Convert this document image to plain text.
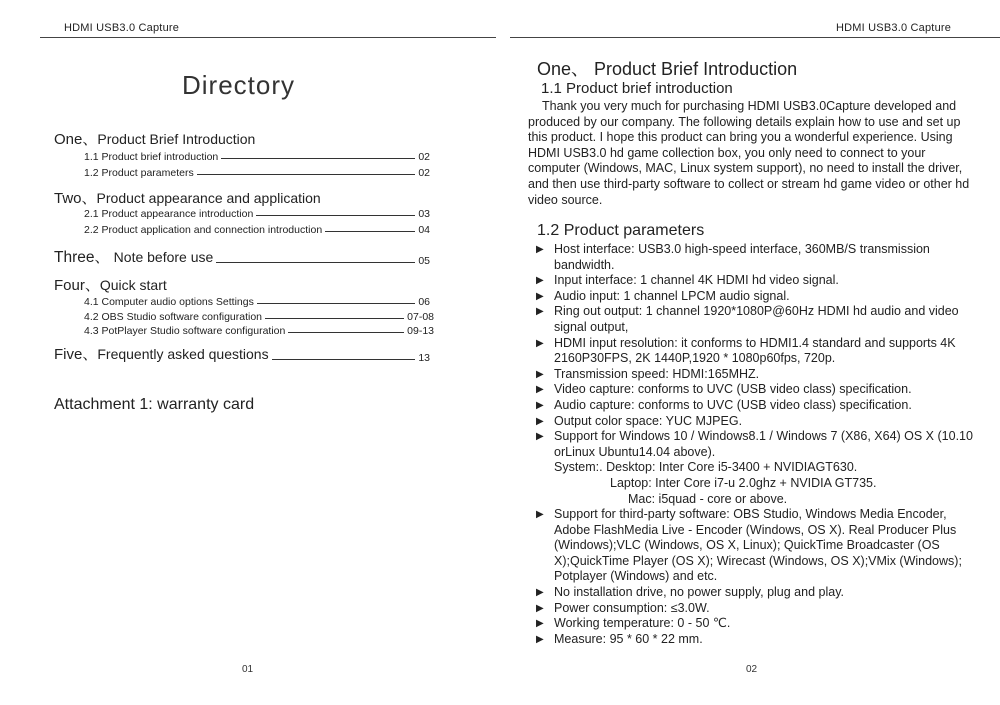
HDMI USB3.0 Capture	HDMI USB3.0 Capture
Directory
One、Product Brief Introduction
1.1 Product brief introduction	02
1.2 Product parameters	02
Two、Product appearance and application
2.1 Product appearance introduction	03
2.2 Product application and connection introduction	04
Three、 Note before use	05
Four、Quick start
4.1 Computer audio options Settings	06
4.2 OBS Studio software configuration	07-08
4.3 PotPlayer Studio software configuration	09-13
Five、Frequently asked questions	13
Attachment 1: warranty card
01
One、 Product Brief Introduction
1.1 Product brief introduction

Thank you very much for purchasing HDMI USB3.0Capture developed and produced by our company. The following details explain how to use and set up this product. I hope this product can bring you a wonderful experience. Using HDMI USB3.0 hd game collection box, you only need to connect to your computer (Windows, MAC, Linux system support), no need to install the driver, and then use third-party software to collect or stream hd game video or other hd video source.

1.2 Product parameters
▶ Host interface: USB3.0 high-speed interface, 360MB/S transmission bandwidth.
▶ Input interface: 1 channel 4K HDMI hd video signal.
▶ Audio input: 1 channel LPCM audio signal.
▶ Ring out output: 1 channel 1920*1080P@60Hz HDMI hd audio and video signal output,
▶ HDMI input resolution: it conforms to HDMI1.4 standard and supports 4K 2160P30FPS, 2K 1440P,1920 * 1080p60fps, 720p.
▶ Transmission speed: HDMI:165MHZ.
▶ Video capture: conforms to UVC (USB video class) specification.
▶ Audio capture: conforms to UVC (USB video class) specification.
▶ Output color space: YUC MJPEG.
▶ Support for Windows 10 / Windows8.1 / Windows 7 (X86, X64) OS X (10.10 orLinux Ubuntu14.04 above).
System:. Desktop: Inter Core i5-3400 + NVIDIAGT630.
Laptop: Inter Core i7-u 2.0ghz + NVIDIA GT735.
Mac: i5quad - core or above.
▶ Support for third-party software: OBS Studio, Windows Media Encoder, Adobe FlashMedia Live - Encoder (Windows, OS X). Real Producer Plus (Windows);VLC (Windows, OS X, Linux); QuickTime Broadcaster (OS X);QuickTime Player (OS X); Wirecast (Windows, OS X);VMix (Windows); Potplayer (Windows) and etc.
▶ No installation drive, no power supply, plug and play.
▶ Power consumption: ≤3.0W.
▶ Working temperature: 0 - 50 ℃.
▶ Measure: 95 * 60 * 22 mm.
02
